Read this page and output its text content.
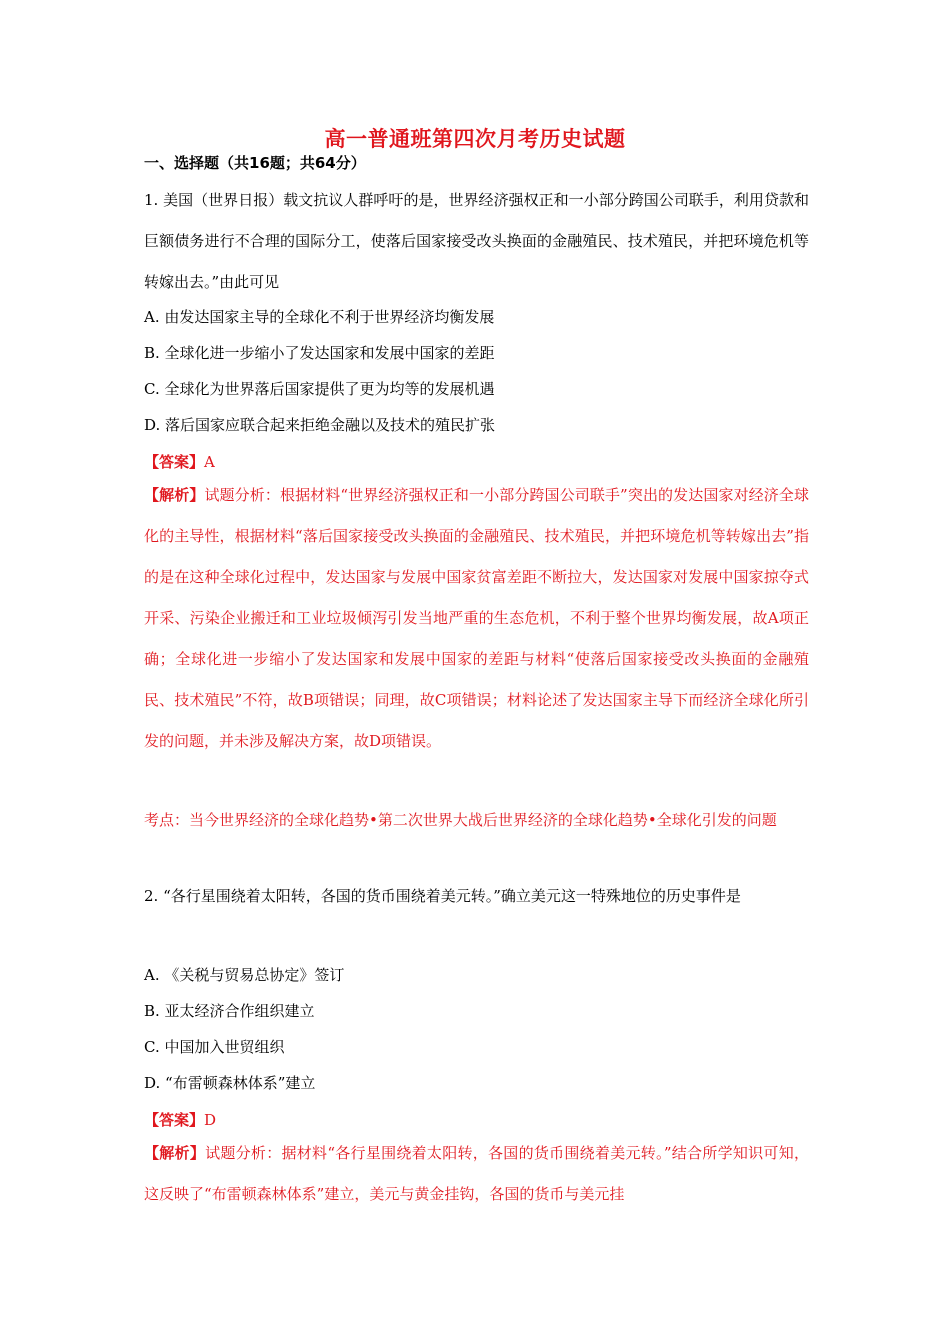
高一普通班第四次月考历史试题
一、选择题（共16题；共64分）

1. 美国（世界日报）载文抗议人群呼吁的是，世界经济强权正和一小部分跨国公司联手，利用贷款和巨额债务进行不合理的国际分工，使落后国家接受改头换面的金融殖民、技术殖民，并把环境危机等转嫁出去。”由此可见

A. 由发达国家主导的全球化不利于世界经济均衡发展
B. 全球化进一步缩小了发达国家和发展中国家的差距
C. 全球化为世界落后国家提供了更为均等的发展机遇
D. 落后国家应联合起来拒绝金融以及技术的殖民扩张
【答案】A

【解析】试题分析：根据材料“世界经济强权正和一小部分跨国公司联手”突出的发达国家对经济全球化的主导性，根据材料“落后国家接受改头换面的金融殖民、技术殖民，并把环境危机等转嫁出去”指的是在这种全球化过程中，发达国家与发展中国家贫富差距不断拉大，发达国家对发展中国家掠夺式开采、污染企业搬迁和工业垃圾倾泻引发当地严重的生态危机，不利于整个世界均衡发展，故A项正确；全球化进一步缩小了发达国家和发展中国家的差距与材料“使落后国家接受改头换面的金融殖民、技术殖民”不符，故B项错误；同理，故C项错误；材料论述了发达国家主导下而经济全球化所引发的问题，并未涉及解决方案，故D项错误。

考点：当今世界经济的全球化趋势•第二次世界大战后世界经济的全球化趋势•全球化引发的问题

2. “各行星围绕着太阳转，各国的货币围绕着美元转。”确立美元这一特殊地位的历史事件是

A. 《关税与贸易总协定》签订
B. 亚太经济合作组织建立
C. 中国加入世贸组织
D. “布雷顿森林体系”建立
【答案】D

【解析】试题分析：据材料“各行星围绕着太阳转，各国的货币围绕着美元转。”结合所学知识可知，这反映了“布雷顿森林体系”建立，美元与黄金挂钩，各国的货币与美元挂
